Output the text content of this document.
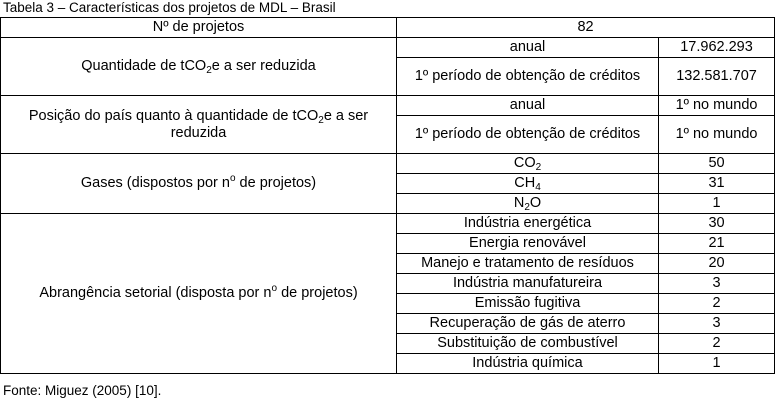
Tabela 3 – Características dos projetos de MDL – Brasil
Nº de projetos	82	
Quantidade de tCO$_2$e a ser reduzida	anual	17.962.293
	1º período de obtenção de créditos	132.581.707
Posição do país quanto à quantidade de tCO$_2$e a ser reduzida	anual	1º no mundo
	1º período de obtenção de créditos	1º no mundo
Gases (dispostos por $n^o$ de projetos)	$CO_2$	50
	$CH_4$	31
	$N_2O$	1
Abrangência setorial (disposta por $n^o$ de projetos)	Indústria energética	30
	Energia renovável	21
	Manejo e tratamento de resíduos	20
	Indústria manufatureira	3
	Emissão fugitiva	2
	Recuperação de gás de aterro	3
	Substituição de combustível	2
	Indústria química	1
Fonte: Miguez (2005) [10].
